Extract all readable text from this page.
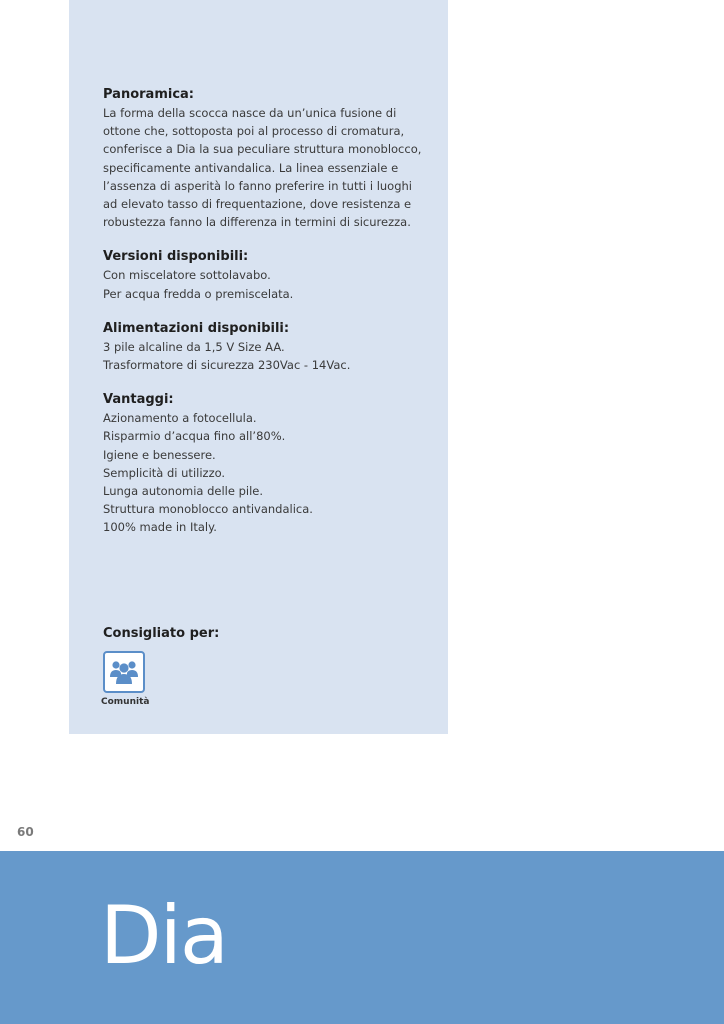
Panoramica:
La forma della scocca nasce da un’unica fusione di
ottone che, sottoposta poi al processo di cromatura,
conferisce a Dia la sua peculiare struttura monoblocco,
specificamente antivandalica. La linea essenziale e
l’assenza di asperità lo fanno preferire in tutti i luoghi
ad elevato tasso di frequentazione, dove resistenza e
robustezza fanno la differenza in termini di sicurezza.
Versioni disponibili:
Con miscelatore sottolavabo.
Per acqua fredda o premiscelata.
Alimentazioni disponibili:
3 pile alcaline da 1,5 V Size AA.
Trasformatore di sicurezza 230Vac - 14Vac.
Vantaggi:
Azionamento a fotocellula.
Risparmio d’acqua fino all’80%.
Igiene e benessere.
Semplicità di utilizzo.
Lunga autonomia delle pile.
Struttura monoblocco antivandalica.
100% made in Italy.
Consigliato per:
Comunità
60
Dia
